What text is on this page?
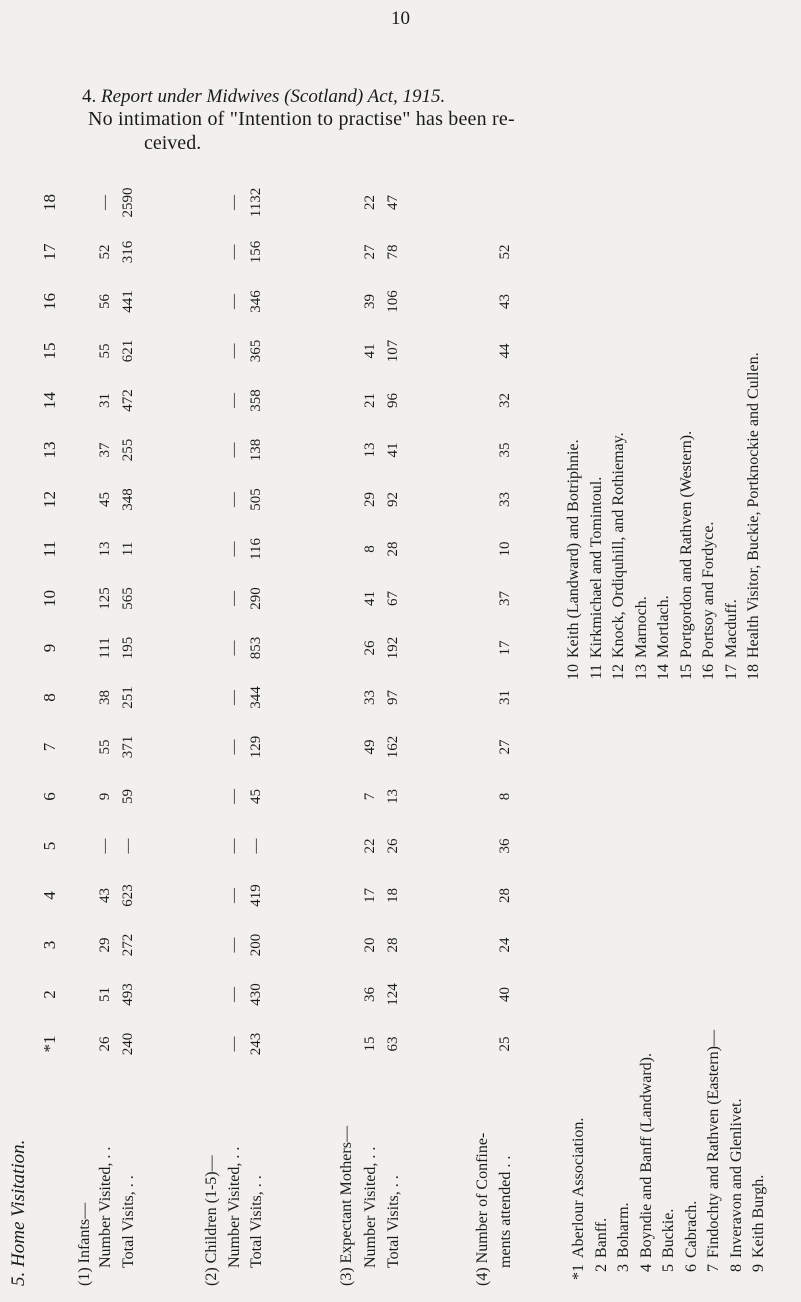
10
4. Report under Midwives (Scotland) Act, 1915.
No intimation of "Intention to practise" has been re-
ceived.
5. Home Visitation.
*1
2
3
4
5
6
7
8
9
10
11
12
13
14
15
16
17
18
(1) Infants— Number Visited, . .
26
51
29
43
—
9
55
38
111
125
13
45
37
31
55
56
52
—
Total Visits, . .
240
493
272
623
—
59
371
251
195
565
11
348
255
472
621
441
316
2590
(2) Children (1-5)— Number Visited, . .
—
—
—
—
—
—
—
—
—
—
—
—
—
—
—
—
—
—
Total Visits, . .
243
430
200
419
—
45
129
344
853
290
116
505
138
358
365
346
156
1132
(3) Expectant Mothers— Number Visited, . .
15
36
20
17
22
7
49
33
26
41
8
29
13
21
41
39
27
22
Total Visits, . .
63
124
28
18
26
13
162
97
192
67
28
92
41
96
107
106
78
47
(4) Number of Confine- ments attended . .
25
40
24
28
36
8
27
31
17
37
10
33
35
32
44
43
52
*1Aberlour Association.
2Banff.
3Boharm.
4Boyndie and Banff (Landward).
5Buckie.
6Cabrach.
7Findochty and Rathven (Eastern)—
8Inveravon and Glenlivet.
9Keith Burgh.
10Keith (Landward) and Botriphnie.
11Kirkmichael and Tomintoul.
12Knock, Ordiquhill, and Rothiemay.
13Marnoch.
14Mortlach.
15Portgordon and Rathven (Western).
16Portsoy and Fordyce.
17Macduff.
18Health Visitor, Buckie, Portknockie and Cullen.
